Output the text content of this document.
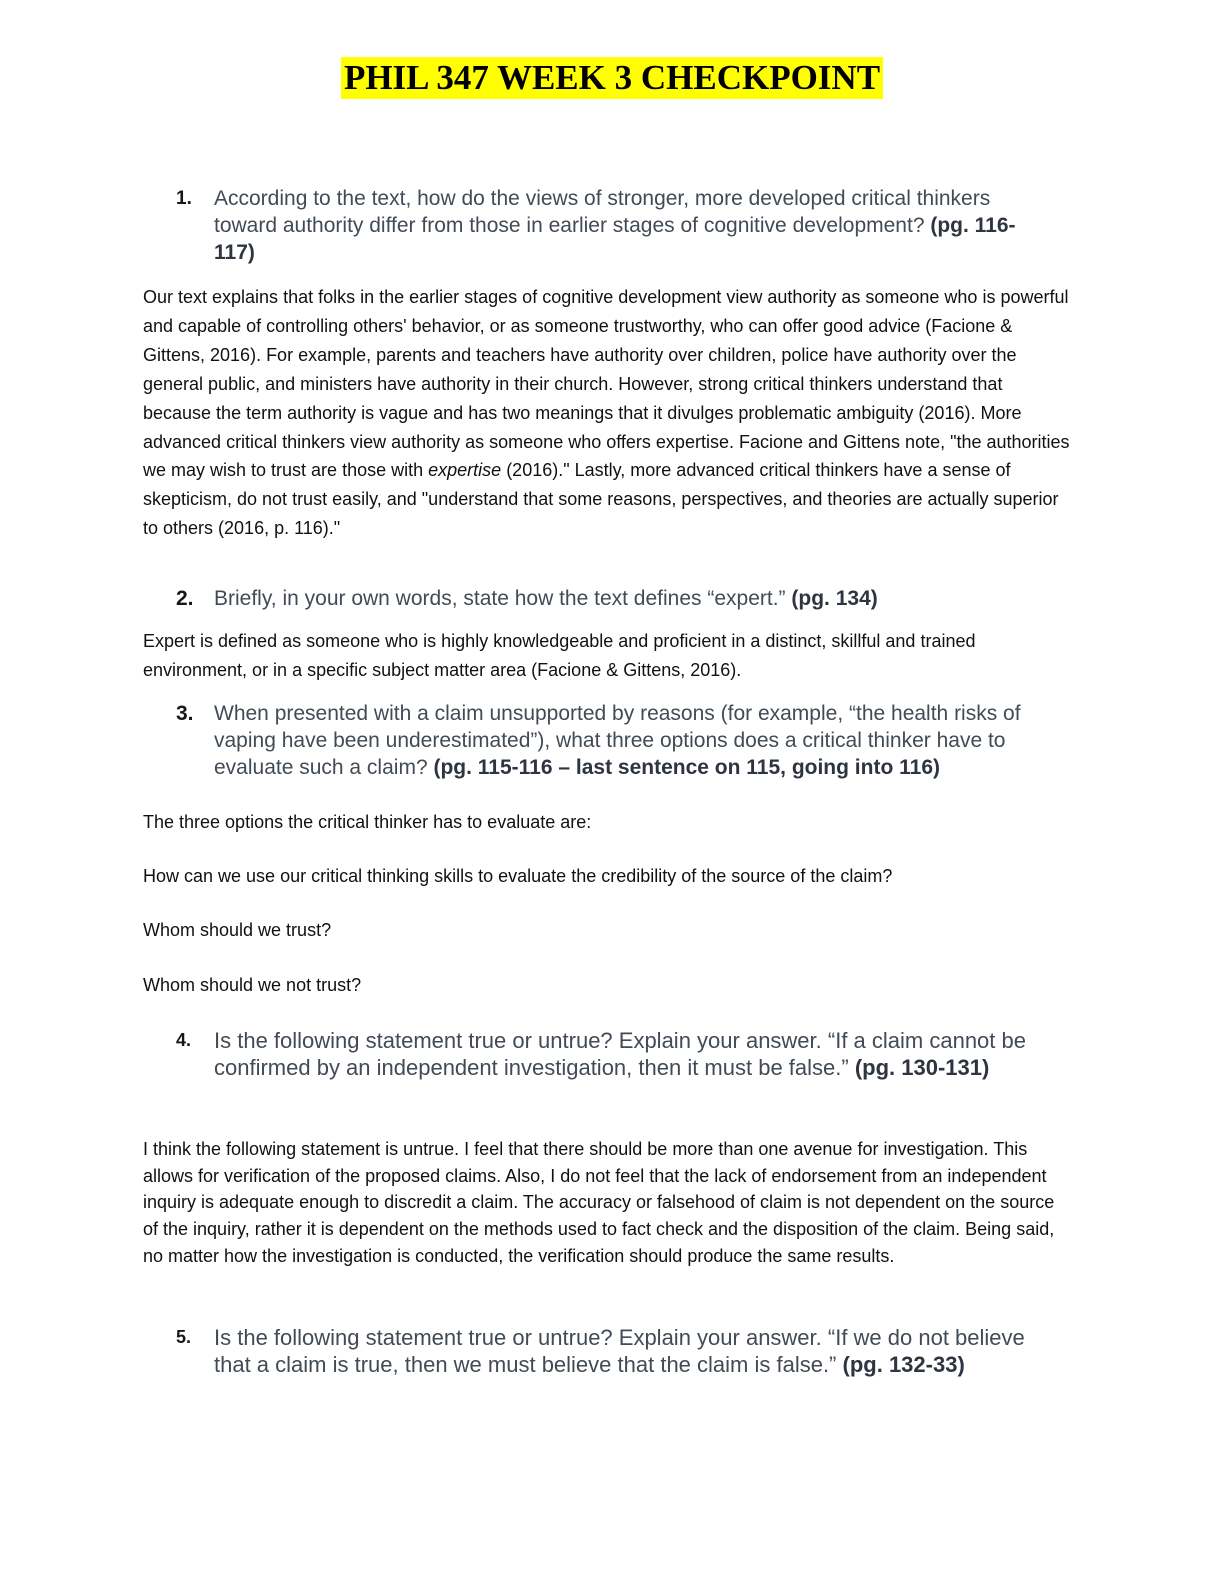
PHIL 347 WEEK 3 CHECKPOINT
1. According to the text, how do the views of stronger, more developed critical thinkers toward authority differ from those in earlier stages of cognitive development? (pg. 116-117)
Our text explains that folks in the earlier stages of cognitive development view authority as someone who is powerful and capable of controlling others' behavior, or as someone trustworthy, who can offer good advice (Facione & Gittens, 2016). For example, parents and teachers have authority over children, police have authority over the general public, and ministers have authority in their church. However, strong critical thinkers understand that because the term authority is vague and has two meanings that it divulges problematic ambiguity (2016). More advanced critical thinkers view authority as someone who offers expertise. Facione and Gittens note, "the authorities we may wish to trust are those with expertise (2016)." Lastly, more advanced critical thinkers have a sense of skepticism, do not trust easily, and "understand that some reasons, perspectives, and theories are actually superior to others (2016, p. 116)."
2. Briefly, in your own words, state how the text defines “expert.” (pg. 134)
Expert is defined as someone who is highly knowledgeable and proficient in a distinct, skillful and trained environment, or in a specific subject matter area (Facione & Gittens, 2016).
3. When presented with a claim unsupported by reasons (for example, “the health risks of vaping have been underestimated”), what three options does a critical thinker have to evaluate such a claim? (pg. 115-116 – last sentence on 115, going into 116)
The three options the critical thinker has to evaluate are:
How can we use our critical thinking skills to evaluate the credibility of the source of the claim?
Whom should we trust?
Whom should we not trust?
4. Is the following statement true or untrue? Explain your answer. “If a claim cannot be confirmed by an independent investigation, then it must be false.” (pg. 130-131)
I think the following statement is untrue. I feel that there should be more than one avenue for investigation. This allows for verification of the proposed claims. Also, I do not feel that the lack of endorsement from an independent inquiry is adequate enough to discredit a claim. The accuracy or falsehood of claim is not dependent on the source of the inquiry, rather it is dependent on the methods used to fact check and the disposition of the claim. Being said, no matter how the investigation is conducted, the verification should produce the same results.
5. Is the following statement true or untrue? Explain your answer. “If we do not believe that a claim is true, then we must believe that the claim is false.” (pg. 132-33)
